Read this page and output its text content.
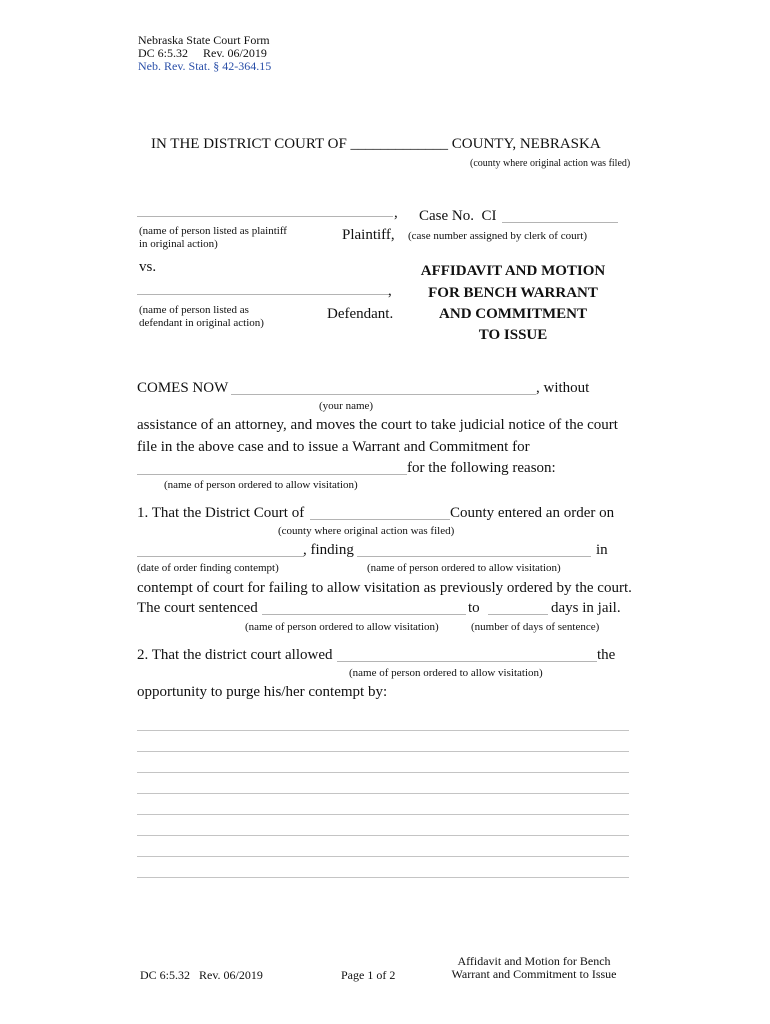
Nebraska State Court Form
DC 6:5.32     Rev. 06/2019
Neb. Rev. Stat. § 42-364.15
IN THE DISTRICT COURT OF _____________ COUNTY, NEBRASKA
(county where original action was filed)
,
(name of person listed as plaintiff
in original action)
Plaintiff,
Case No.  CI
(case number assigned by clerk of court)
vs.
,
(name of person listed as
defendant in original action)
Defendant.
AFFIDAVIT AND MOTION
FOR BENCH WARRANT
AND COMMITMENT
TO ISSUE
COMES NOW	, without
(your name)
assistance of an attorney, and moves the court to take judicial notice of the court
file in the above case and to issue a Warrant and Commitment for
for the following reason:
(name of person ordered to allow visitation)
1. That the District Court of	County entered an order on
(county where original action was filed)
, finding	in
(date of order finding contempt)	(name of person ordered to allow visitation)
contempt of court for failing to allow visitation as previously ordered by the court.
The court sentenced	to	days in jail.
(name of person ordered to allow visitation)	(number of days of sentence)
2. That the district court allowed	the
(name of person ordered to allow visitation)
opportunity to purge his/her contempt by:
DC 6:5.32   Rev. 06/2019	Page 1 of 2
Affidavit and Motion for Bench
Warrant and Commitment to Issue
